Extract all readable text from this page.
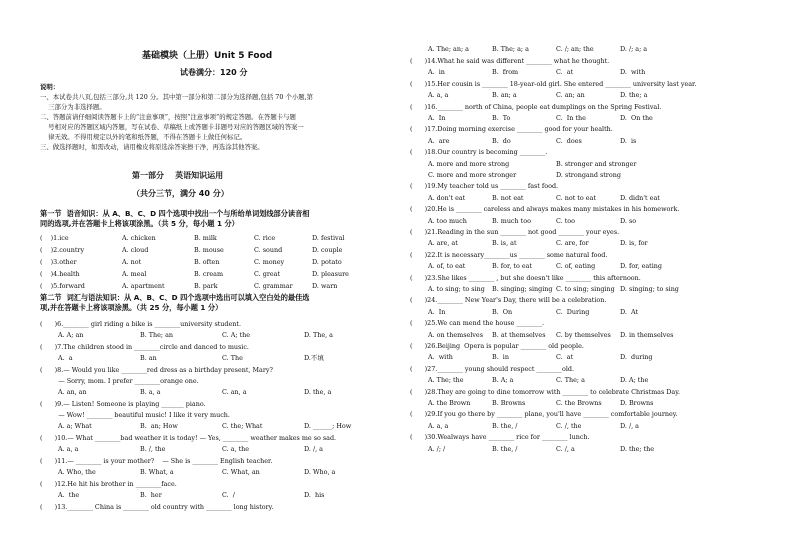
基础模块（上册）Unit 5 Food
试卷满分：120 分
说明：
一、本试卷共八页,包括三部分,共 120 分。其中第一部分和第二部分为选择题,包括 70 个小题,第
三部分为非选择题。
二、答题前请仔细阅读答题卡上的“注意事项”，按照“注意事项”的规定答题。在答题卡与题
号相对应的答题区域内答题，写在试卷、草稿纸上或答题卡非题号对应的答题区域的答案一
律无效。不得用规定以外的笔和纸答题，不得在答题卡上做任何标记。
三、做选择题时，如需改动，请用橡皮将原选涂答案擦干净，再选涂其他答案。
第一部分    英语知识运用
（共分三节，满分 40 分）
第一节  语音知识：从 A、B、C、D 四个选项中找出一个与所给单词划线部分读音相
同的选项,并在答题卡上将该项涂黑。（共 5 分，每小题 1 分）
(    )1.ice	A. chicken	B. milk	C. rice	D. festival
(    )2.country	A. cloud	B. mouse	C. sound	D. couple
(    )3.other	A. not	B. often	C. money	D. potato
(    )4.health	A. meal	B. cream	C. great	D. pleasure
(    )5.forward	A. apartment	B. park	C. grammar	D. warn
第二节  词汇与语法知识：从 A、B、C、D 四个选项中选出可以填入空白处的最佳选
项,并在答题卡上将该项涂黑。（共 25 分，每小题 1 分）
(      )6.________ girl riding a bike is ________university student.
A. A; an	B. The; an	C. A; the	D. The, a
(      )7.The children stood in ________circle and danced to music.
A.  a	B. an	C. The	D.不填
(      )8.— Would you like ________red dress as a birthday present, Mary?
— Sorry, mom. I prefer ________orange one.
A. an, an	B. a, a	C. an, a	D. the, a
(      )9.— Listen! Someone is playing _______ piano.
— Wow! ________ beautiful music! I like it very much.
A. a; What	B.  an; How	C. the; What	D. ______; How
(      )10.— What ________bad weather it is today! — Yes, ________ weather makes me so sad.
A. a, a	B. /, the	C. a, the	D. /, a
(      )11.— ________ is your mother?    — She is ________ English teacher.
A. Who, the	B. What, a	C. What, an	D. Who, a
(      )12.He hit his brother in ________face.
A.  the	B.  her	C.  /	D.  his
(      )13.________ China is ________ old country with ________ long history.
A. The; an; a	B. The; a; a	C. /; an; the	D. /; a; a
(      )14.What he said was different ________ what he thought.
A.  in	B.  from	C.  at	D.  with
(      )15.Her cousin is ________ 18-year-old girl. She entered ________ university last year.
A. a, a	B. an; a	C. an; an	D. the; a
(      )16.________ north of China, people eat dumplings on the Spring Festival.
A.  In	B.  To	C.  In the	D.  On the
(      )17.Doing morning exercise ________ good for your health.
A.  are	B.  do	C.  does	D.  is
(      )18.Our country is becoming ________.
A. more and more strong	B. stronger and stronger
C. more and more stronger	D. strongand strong
(      )19.My teacher told us ________ fast food.
A. don't eat	B. not eat	C. not to eat	D. didn't eat
(      )20.He is ________ careless and always makes many mistakes in his homework.
A. too much	B. much too	C. too	D. so
(      )21.Reading in the sun ________ not good ________ your eyes.
A. are, at	B. is, at	C. are, for	D. is, for
(      )22.It is necessary________us ________ some natural food.
A. of, to eat	B. for, to eat	C. of, eating	D. for, eating
(      )23.She likes ________ , but she doesn't like ________ this afternoon.
A. to sing; to sing B. singing; singing C. to sing; singing D. singing; to sing
(      )24.________ New Year's Day, there will be a celebration.
A.  In	B.  On	C.  During	D.  At
(      )25.We can mend the house ________.
A. on themselves B. at themselves C. by themselves D. in themselves
(      )26.Beijing  Opera is popular ________ old people.
A.  with	B.  in	C.  at	D.  during
(      )27.________ young should respect ________old.
A. The; the	B. A; a	C. The; a	D. A; the
(      )28.They are going to dine tomorrow with ________ to celebrate Christmas Day.
A. the Brown	B. Browns	C. the Browns	D. Browns
(      )29.If you go there by ________ plane, you'll have ________ comfortable journey.
A. a, a	B. the, /	C. /, the	D. /, a
(      )30.Wealways have ________ rice for ________ lunch.
A. /; /	B. the, /	C. /, a	D. the; the
